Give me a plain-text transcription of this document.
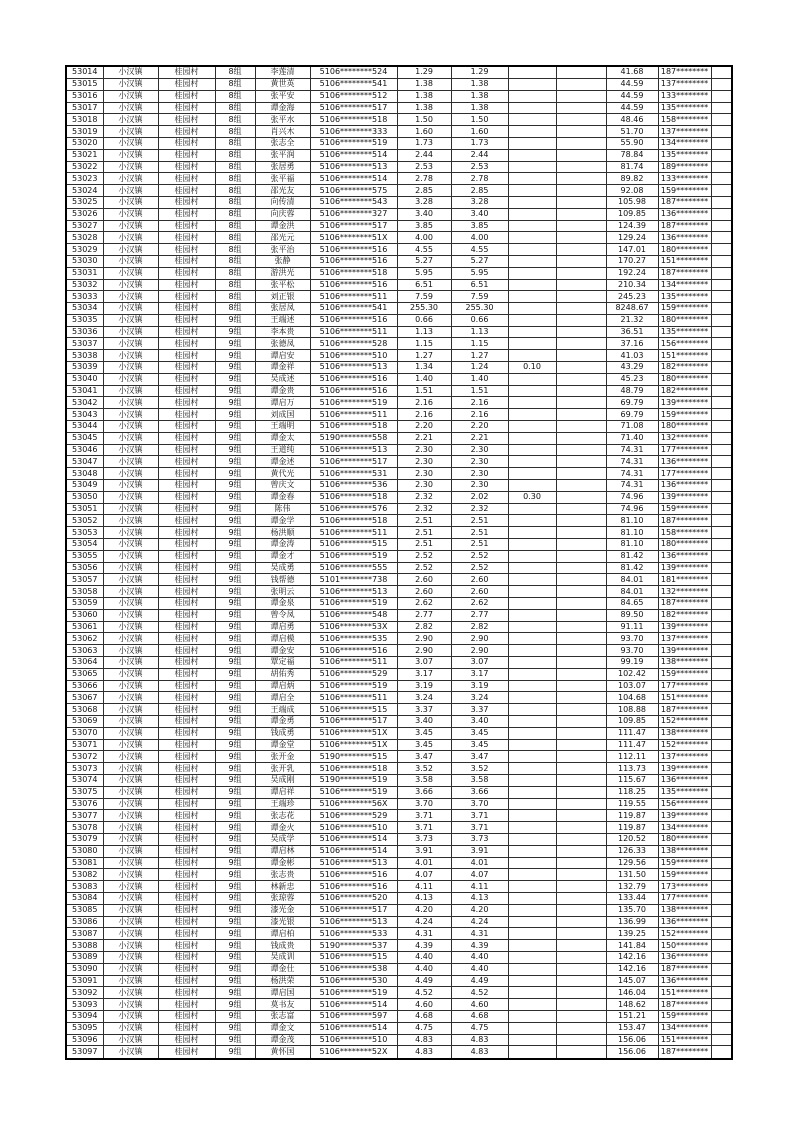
53014	小汉镇	桂园村	8组	李莲清	5106********524	1.29	1.29			41.68	187********	
53015	小汉镇	桂园村	8组	黄世英	5106********541	1.38	1.38			44.59	137********	
53016	小汉镇	桂园村	8组	张平安	5106********512	1.38	1.38			44.59	133********	
53017	小汉镇	桂园村	8组	谭金海	5106********517	1.38	1.38			44.59	135********	
53018	小汉镇	桂园村	8组	张平水	5106********518	1.50	1.50			48.46	158********	
53019	小汉镇	桂园村	8组	肖兴木	5106********333	1.60	1.60			51.70	137********	
53020	小汉镇	桂园村	8组	张志全	5106********519	1.73	1.73			55.90	134********	
53021	小汉镇	桂园村	8组	张平润	5106********514	2.44	2.44			78.84	135********	
53022	小汉镇	桂园村	8组	张居勇	5106********513	2.53	2.53			81.74	189********	
53023	小汉镇	桂园村	8组	张平福	5106********514	2.78	2.78			89.82	133********	
53024	小汉镇	桂园村	8组	邵光友	5106********575	2.85	2.85			92.08	159********	
53025	小汉镇	桂园村	8组	向传清	5106********543	3.28	3.28			105.98	187********	
53026	小汉镇	桂园村	8组	向庆蓉	5106********327	3.40	3.40			109.85	136********	
53027	小汉镇	桂园村	8组	谭金洪	5106********517	3.85	3.85			124.39	187********	
53028	小汉镇	桂园村	8组	邵光元	5106********51X	4.00	4.00			129.24	136********	
53029	小汉镇	桂园村	8组	张平治	5106********516	4.55	4.55			147.01	180********	
53030	小汉镇	桂园村	8组	张静	5106********516	5.27	5.27			170.27	151********	
53031	小汉镇	桂园村	8组	游洪光	5106********518	5.95	5.95			192.24	187********	
53032	小汉镇	桂园村	8组	张平松	5106********516	6.51	6.51			210.34	134********	
53033	小汉镇	桂园村	8组	刘正银	5106********511	7.59	7.59			245.23	135********	
53034	小汉镇	桂园村	8组	张居凤	5106********541	255.30	255.30			8248.67	159********	
53035	小汉镇	桂园村	9组	王端述	5106********516	0.66	0.66			21.32	180********	
53036	小汉镇	桂园村	9组	李本贵	5106********511	1.13	1.13			36.51	135********	
53037	小汉镇	桂园村	9组	张德凤	5106********528	1.15	1.15			37.16	156********	
53038	小汉镇	桂园村	9组	谭启安	5106********510	1.27	1.27			41.03	151********	
53039	小汉镇	桂园村	9组	谭金祥	5106********513	1.34	1.24	0.10		43.29	182********	
53040	小汉镇	桂园村	9组	吴成述	5106********516	1.40	1.40			45.23	180********	
53041	小汉镇	桂园村	9组	谭金贵	5106********516	1.51	1.51			48.79	182********	
53042	小汉镇	桂园村	9组	谭启万	5106********519	2.16	2.16			69.79	139********	
53043	小汉镇	桂园村	9组	刘成国	5106********511	2.16	2.16			69.79	159********	
53044	小汉镇	桂园村	9组	王端明	5106********518	2.20	2.20			71.08	180********	
53045	小汉镇	桂园村	9组	谭金太	5190********558	2.21	2.21			71.40	132********	
53046	小汉镇	桂园村	9组	王道纯	5106********513	2.30	2.30			74.31	177********	
53047	小汉镇	桂园村	9组	谭金述	5106********517	2.30	2.30			74.31	136********	
53048	小汉镇	桂园村	9组	黄代光	5106********531	2.30	2.30			74.31	177********	
53049	小汉镇	桂园村	9组	曾庆文	5106********536	2.30	2.30			74.31	136********	
53050	小汉镇	桂园村	9组	谭金春	5106********518	2.32	2.02	0.30		74.96	139********	
53051	小汉镇	桂园村	9组	陈伟	5106********576	2.32	2.32			74.96	159********	
53052	小汉镇	桂园村	9组	谭金学	5106********518	2.51	2.51			81.10	187********	
53053	小汉镇	桂园村	9组	杨洪顺	5106********511	2.51	2.51			81.10	158********	
53054	小汉镇	桂园村	9组	谭金涛	5106********515	2.51	2.51			81.10	180********	
53055	小汉镇	桂园村	9组	谭金才	5106********519	2.52	2.52			81.42	136********	
53056	小汉镇	桂园村	9组	吴成勇	5106********555	2.52	2.52			81.42	139********	
53057	小汉镇	桂园村	9组	钱帮德	5101********738	2.60	2.60			84.01	181********	
53058	小汉镇	桂园村	9组	张明云	5106********513	2.60	2.60			84.01	132********	
53059	小汉镇	桂园村	9组	谭金泉	5106********519	2.62	2.62			84.65	187********	
53060	小汉镇	桂园村	9组	曾令凤	5106********548	2.77	2.77			89.50	182********	
53061	小汉镇	桂园村	9组	谭启勇	5106********53X	2.82	2.82			91.11	139********	
53062	小汉镇	桂园村	9组	谭启模	5106********535	2.90	2.90			93.70	137********	
53063	小汉镇	桂园村	9组	谭金安	5106********516	2.90	2.90			93.70	139********	
53064	小汉镇	桂园村	9组	覃定福	5106********511	3.07	3.07			99.19	138********	
53065	小汉镇	桂园村	9组	胡佑秀	5106********529	3.17	3.17			102.42	159********	
53066	小汉镇	桂园村	9组	谭启炳	5106********519	3.19	3.19			103.07	177********	
53067	小汉镇	桂园村	9组	谭启全	5106********511	3.24	3.24			104.68	151********	
53068	小汉镇	桂园村	9组	王端成	5106********515	3.37	3.37			108.88	187********	
53069	小汉镇	桂园村	9组	谭金勇	5106********517	3.40	3.40			109.85	152********	
53070	小汉镇	桂园村	9组	钱成勇	5106********51X	3.45	3.45			111.47	138********	
53071	小汉镇	桂园村	9组	谭金堂	5106********51X	3.45	3.45			111.47	152********	
53072	小汉镇	桂园村	9组	张开金	5190********515	3.47	3.47			112.11	137********	
53073	小汉镇	桂园村	9组	张开乳	5106********518	3.52	3.52			113.73	139********	
53074	小汉镇	桂园村	9组	吴成刚	5190********519	3.58	3.58			115.67	136********	
53075	小汉镇	桂园村	9组	谭启祥	5106********519	3.66	3.66			118.25	135********	
53076	小汉镇	桂园村	9组	王端珍	5106********56X	3.70	3.70			119.55	156********	
53077	小汉镇	桂园村	9组	张志花	5106********529	3.71	3.71			119.87	139********	
53078	小汉镇	桂园村	9组	谭金火	5106********510	3.71	3.71			119.87	134********	
53079	小汉镇	桂园村	9组	吴成学	5106********514	3.73	3.73			120.52	180********	
53080	小汉镇	桂园村	9组	谭启林	5106********514	3.91	3.91			126.33	138********	
53081	小汉镇	桂园村	9组	谭金彬	5106********513	4.01	4.01			129.56	159********	
53082	小汉镇	桂园村	9组	张志贵	5106********516	4.07	4.07			131.50	159********	
53083	小汉镇	桂园村	9组	林新忠	5106********516	4.11	4.11			132.79	173********	
53084	小汉镇	桂园村	9组	张琼蓉	5106********520	4.13	4.13			133.44	177********	
53085	小汉镇	桂园村	9组	漆光金	5106********517	4.20	4.20			135.70	138********	
53086	小汉镇	桂园村	9组	漆光银	5106********513	4.24	4.24			136.99	136********	
53087	小汉镇	桂园村	9组	谭启柏	5106********533	4.31	4.31			139.25	152********	
53088	小汉镇	桂园村	9组	钱成贵	5190********537	4.39	4.39			141.84	150********	
53089	小汉镇	桂园村	9组	吴成训	5106********515	4.40	4.40			142.16	136********	
53090	小汉镇	桂园村	9组	谭金仕	5106********538	4.40	4.40			142.16	187********	
53091	小汉镇	桂园村	9组	杨洪荣	5106********530	4.49	4.49			145.07	136********	
53092	小汉镇	桂园村	9组	谭启国	5106********519	4.52	4.52			146.04	151********	
53093	小汉镇	桂园村	9组	莫书友	5106********514	4.60	4.60			148.62	187********	
53094	小汉镇	桂园村	9组	张志富	5106********597	4.68	4.68			151.21	159********	
53095	小汉镇	桂园村	9组	谭金文	5106********514	4.75	4.75			153.47	134********	
53096	小汉镇	桂园村	9组	谭金茂	5106********510	4.83	4.83			156.06	151********	
53097	小汉镇	桂园村	9组	黄怀国	5106********52X	4.83	4.83			156.06	187********	
